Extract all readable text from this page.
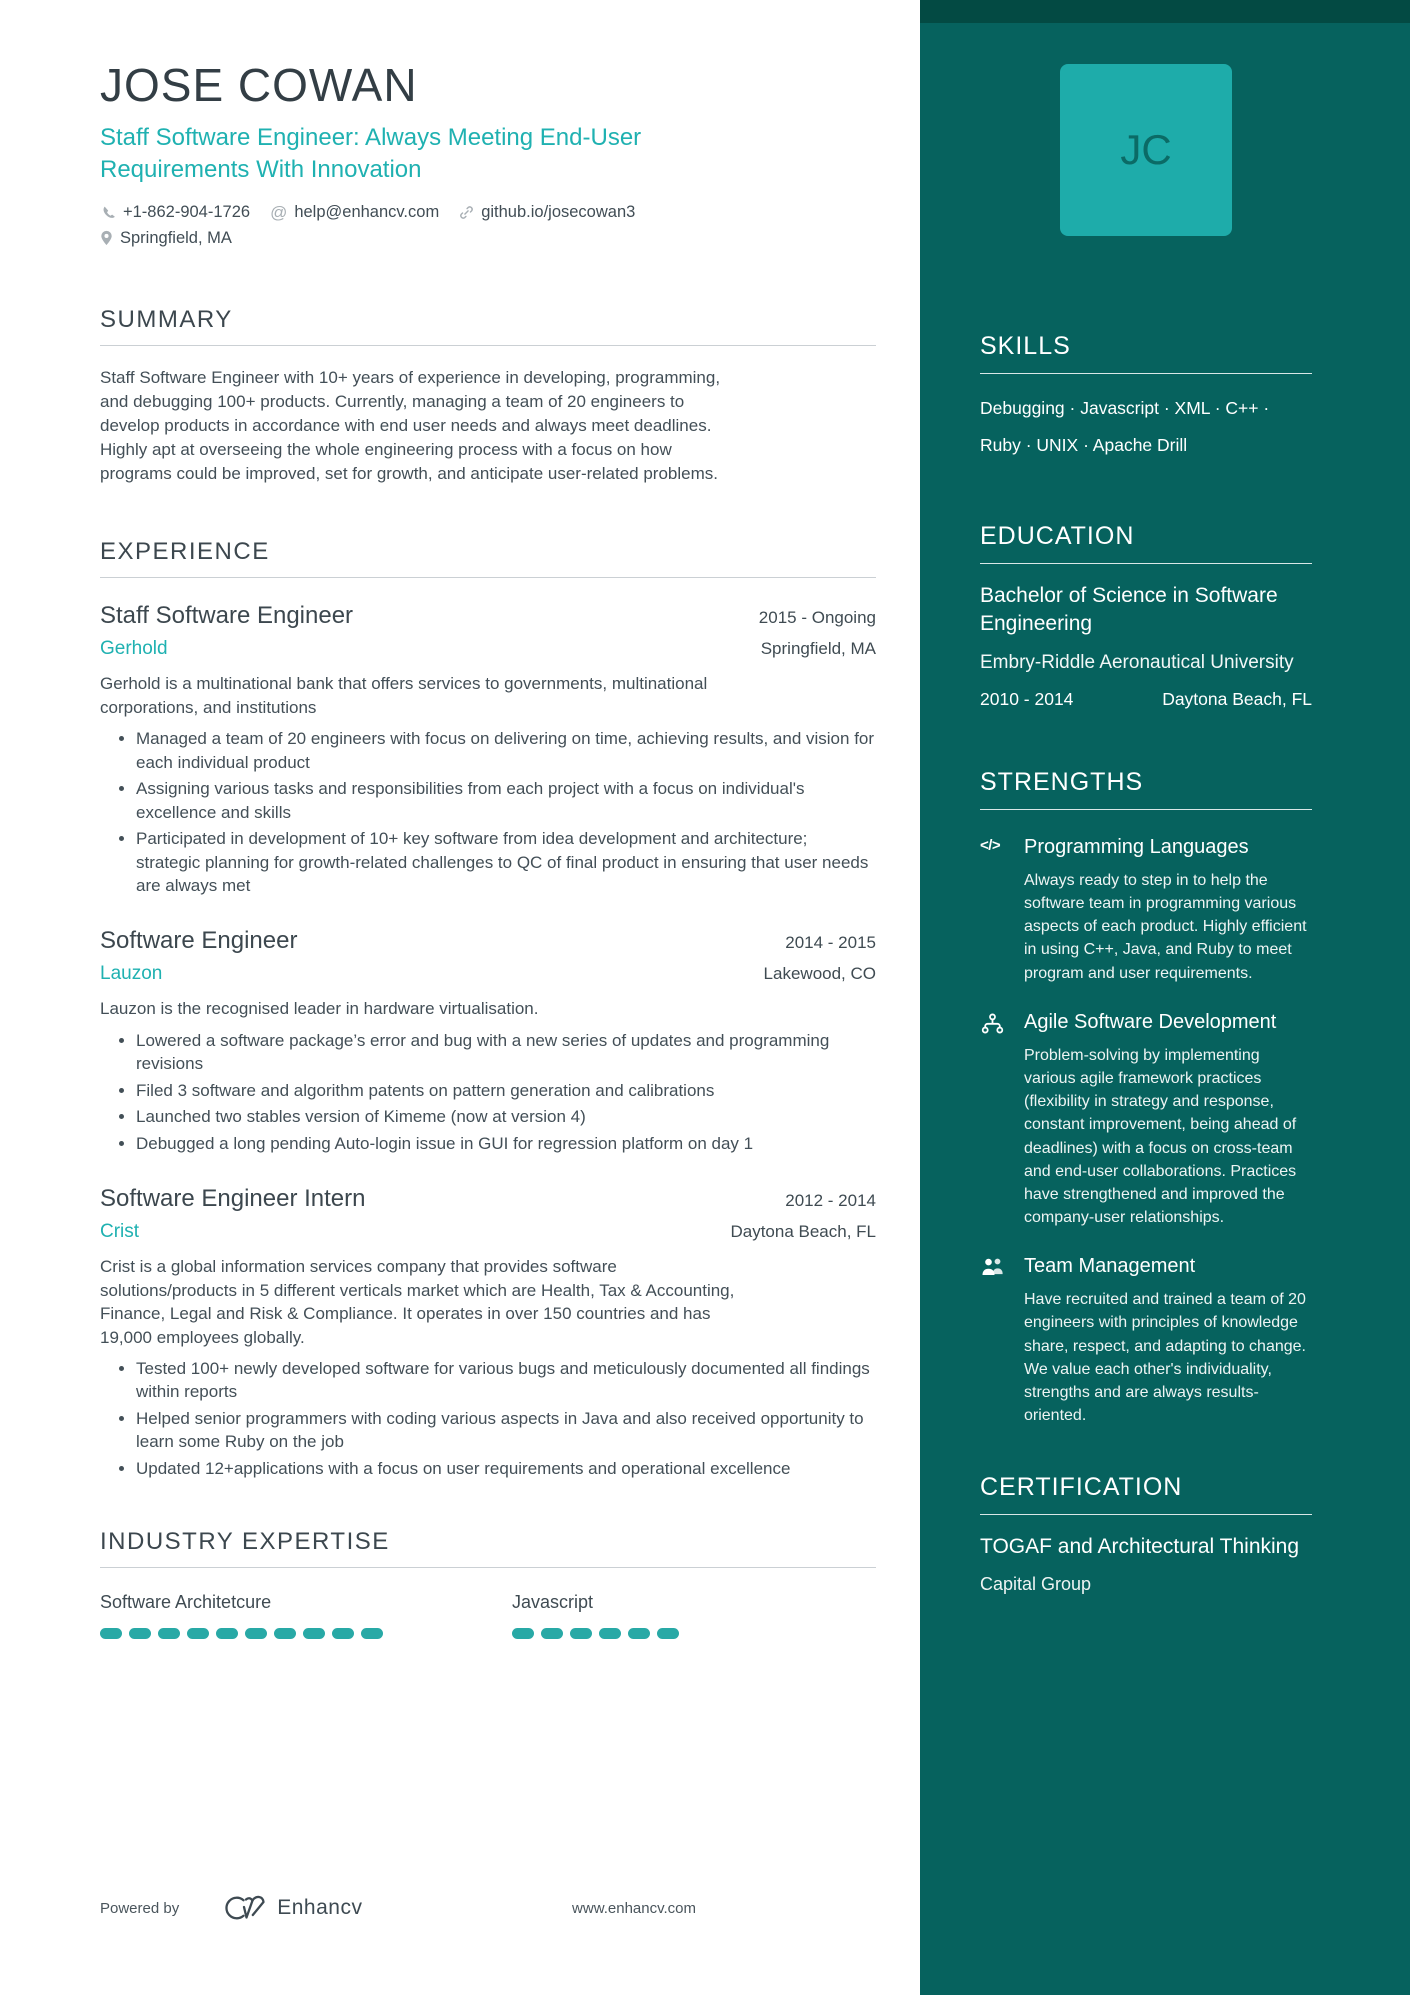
JOSE COWAN
Staff Software Engineer: Always Meeting End-User Requirements With Innovation
+1-862-904-1726 @ help@enhancv.com	github.io/josecowan3
Springfield, MA
SUMMARY

Staff Software Engineer with 10+ years of experience in developing, programming, and debugging 100+ products. Currently, managing a team of 20 engineers to develop products in accordance with end user needs and always meet deadlines. Highly apt at overseeing the whole engineering process with a focus on how programs could be improved, set for growth, and anticipate user-related problems.

EXPERIENCE
Staff Software Engineer	2015 - Ongoing
Gerhold	Springfield, MA

Gerhold is a multinational bank that offers services to governments, multinational corporations, and institutions

• Managed a team of 20 engineers with focus on delivering on time, achieving results, and vision for each individual product
• Assigning various tasks and responsibilities from each project with a focus on individual's excellence and skills
• Participated in development of 10+ key software from idea development and architecture; strategic planning for growth-related challenges to QC of final product in ensuring that user needs are always met
Software Engineer	2014 - 2015
Lauzon	Lakewood, CO

Lauzon is the recognised leader in hardware virtualisation.

• Lowered a software package’s error and bug with a new series of updates and programming revisions
• Filed 3 software and algorithm patents on pattern generation and calibrations
• Launched two stables version of Kimeme (now at version 4)
• Debugged a long pending Auto-login issue in GUI for regression platform on day 1
Software Engineer Intern	2012 - 2014
Crist	Daytona Beach, FL

Crist is a global information services company that provides software solutions/products in 5 different verticals market which are Health, Tax & Accounting, Finance, Legal and Risk & Compliance. It operates in over 150 countries and has 19,000 employees globally.

• Tested 100+ newly developed software for various bugs and meticulously documented all findings within reports
• Helped senior programmers with coding various aspects in Java and also received opportunity to learn some Ruby on the job
• Updated 12+applications with a focus on user requirements and operational excellence
INDUSTRY EXPERTISE
Software Architetcure	Javascript
Powered by	Enhancv	www.enhancv.com
JC
SKILLS
Debugging · Javascript · XML · C++ · Ruby · UNIX · Apache Drill
EDUCATION
Bachelor of Science in Software Engineering
Embry-Riddle Aeronautical University
2010 - 2014	Daytona Beach, FL
STRENGTHS
</>	Programming Languages
Always ready to step in to help the software team in programming various aspects of each product. Highly efficient in using C++, Java, and Ruby to meet program and user requirements.
Agile Software Development
Problem-solving by implementing various agile framework practices (flexibility in strategy and response, constant improvement, being ahead of deadlines) with a focus on cross-team and end-user collaborations. Practices have strengthened and improved the company-user relationships.
Team Management
Have recruited and trained a team of 20 engineers with principles of knowledge share, respect, and adapting to change. We value each other's individuality, strengths and are always results-oriented.
CERTIFICATION
TOGAF and Architectural Thinking
Capital Group
